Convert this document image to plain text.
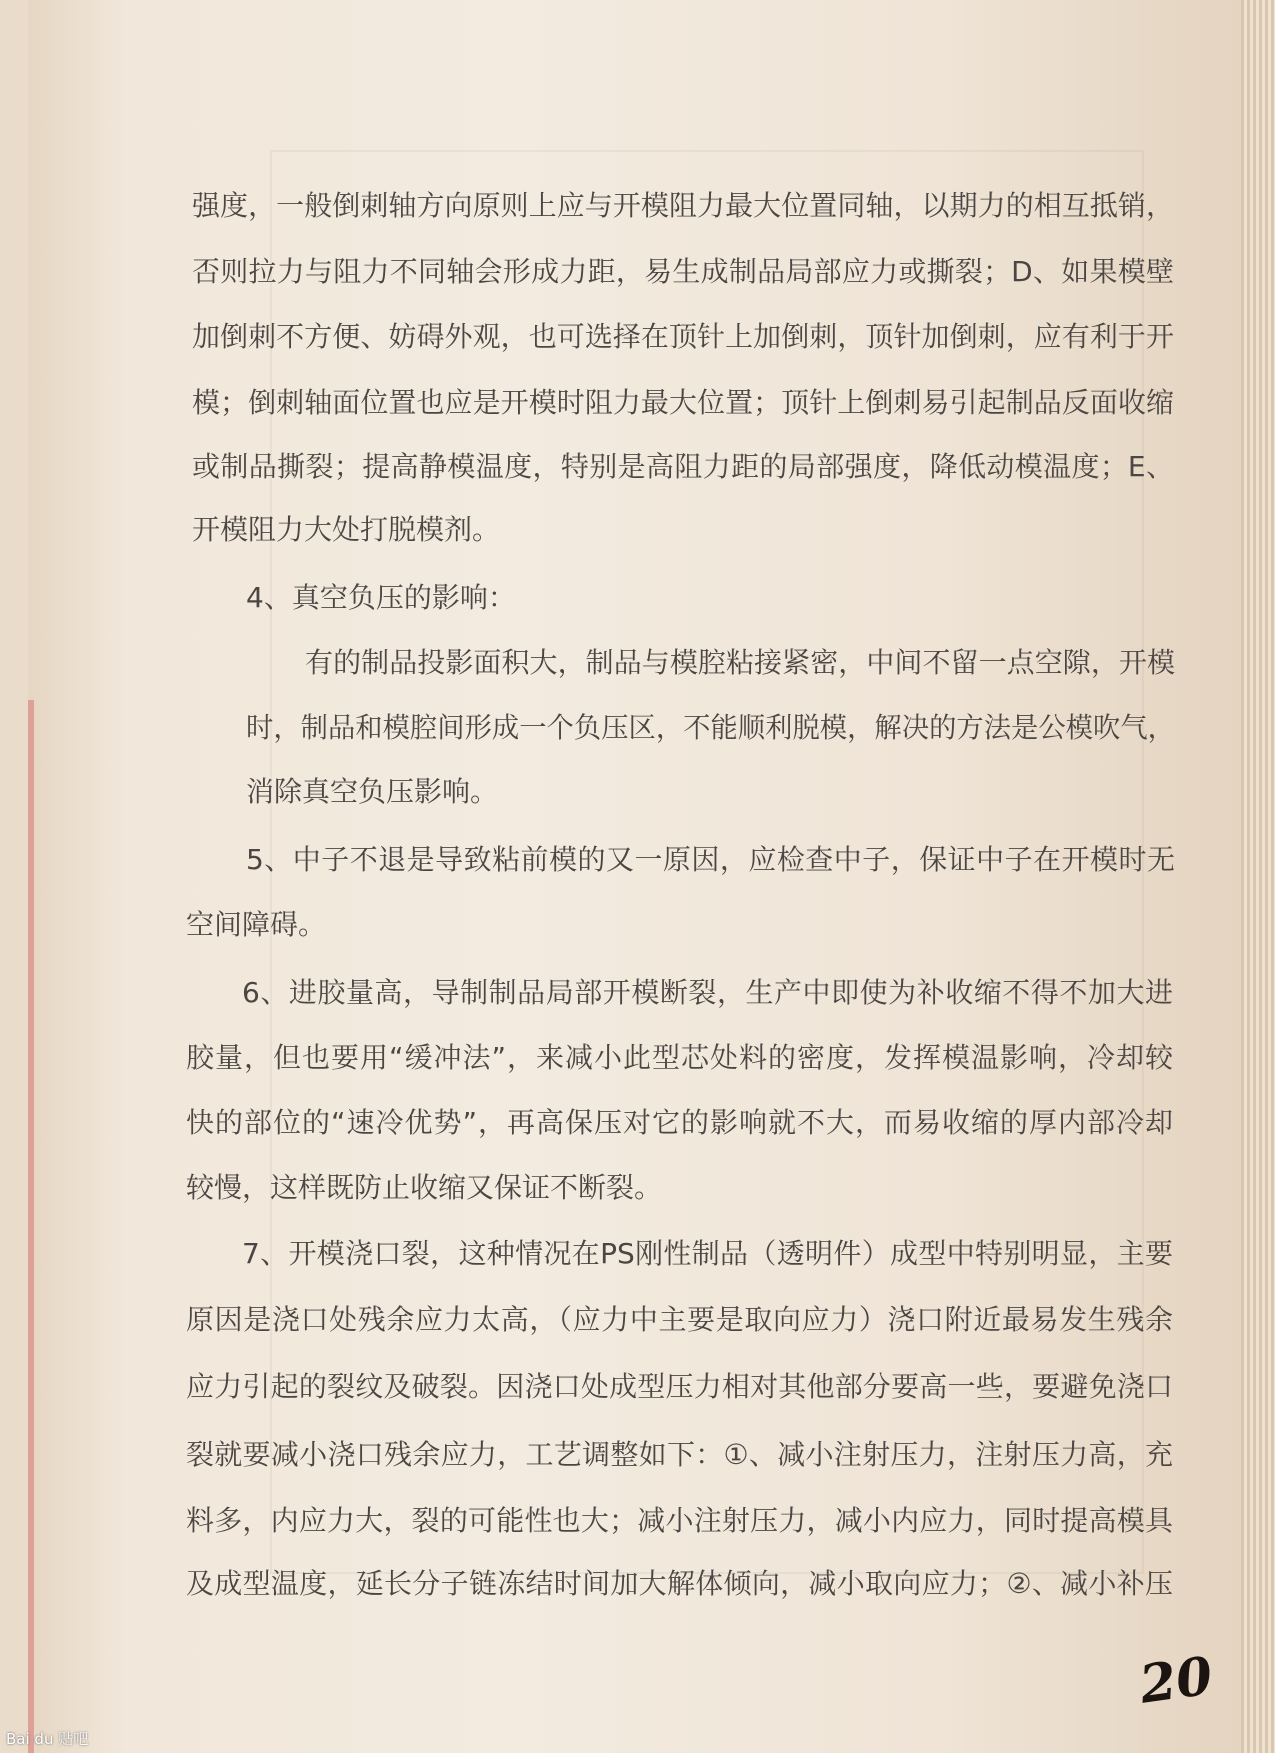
强度，一般倒刺轴方向原则上应与开模阻力最大位置同轴，以期力的相互抵销，
否则拉力与阻力不同轴会形成力距，易生成制品局部应力或撕裂；D、如果模壁
加倒刺不方便、妨碍外观，也可选择在顶针上加倒刺，顶针加倒刺，应有利于开
模；倒刺轴面位置也应是开模时阻力最大位置；顶针上倒刺易引起制品反面收缩
或制品撕裂；提高静模温度，特别是高阻力距的局部强度，降低动模温度；E、
开模阻力大处打脱模剂。
4、真空负压的影响：
有的制品投影面积大，制品与模腔粘接紧密，中间不留一点空隙，开模
时，制品和模腔间形成一个负压区，不能顺利脱模，解决的方法是公模吹气，
消除真空负压影响。
5、中子不退是导致粘前模的又一原因，应检查中子，保证中子在开模时无
空间障碍。
6、进胶量高，导制制品局部开模断裂，生产中即使为补收缩不得不加大进
胶量，但也要用“缓冲法”，来减小此型芯处料的密度，发挥模温影响，冷却较
快的部位的“速冷优势”，再高保压对它的影响就不大，而易收缩的厚内部冷却
较慢，这样既防止收缩又保证不断裂。
7、开模浇口裂，这种情况在PS刚性制品（透明件）成型中特别明显，主要
原因是浇口处残余应力太高，（应力中主要是取向应力）浇口附近最易发生残余
应力引起的裂纹及破裂。因浇口处成型压力相对其他部分要高一些，要避免浇口
裂就要减小浇口残余应力，工艺调整如下：①、减小注射压力，注射压力高，充
料多，内应力大，裂的可能性也大；减小注射压力，减小内应力，同时提高模具
及成型温度，延长分子链冻结时间加大解体倾向，减小取向应力；②、减小补压
20
Bai du 贴吧
